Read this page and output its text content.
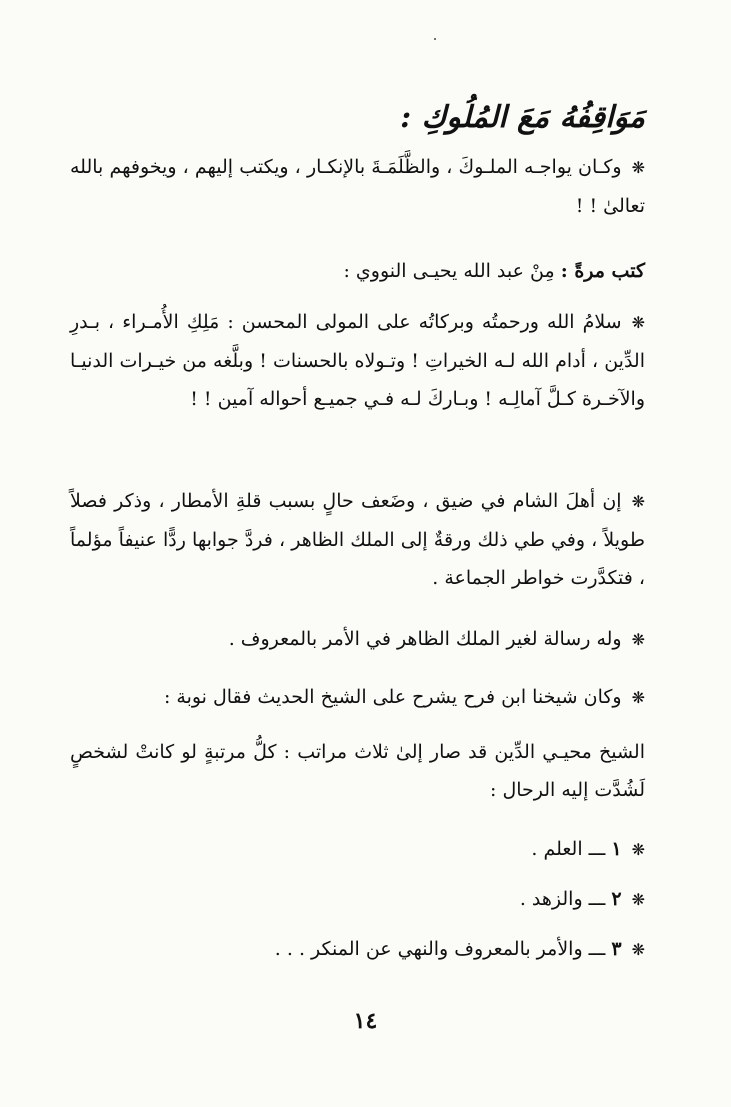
مَوَاقِفُهُ مَعَ المُلُوكِ :

❋وكـان يواجـه الملـوكَ ، والظَّلَمَـةَ بالإنكـار ، ويكتب إليهم ، ويخوفهم بالله تعالىٰ ! !

كتب مرةً : مِنْ عبد الله يحيـى النووي :

❋سلامُ الله ورحمتُه وبركاتُه على المولى المحسن : مَلِكِ الأُمـراء ، بـدرِ الدِّين ، أدام الله لـه الخيراتِ ! وتـولاه بالحسنات ! وبلَّغه من خيـرات الدنيـا والآخـرة كـلَّ آمالِـه ! وبـاركَ لـه فـي جميـع أحواله آمين ! !

❋إن أهلَ الشام في ضيق ، وضَعف حالٍ بسبب قلةِ الأمطار ، وذكر فصلاً طويلاً ، وفي طي ذلك ورقةٌ إلى الملك الظاهر ، فردَّ جوابها ردًّا عنيفاً مؤلماً ، فتكدَّرت خواطر الجماعة .

❋وله رسالة لغير الملك الظاهر في الأمر بالمعروف .

❋وكان شيخنا ابن فرح يشرح على الشيخ الحديث فقال نوبة :

الشيخ محيـي الدِّين قد صار إلىٰ ثلاث مراتب : كلُّ مرتبةٍ لو كانتْ لشخصٍ لَشُدَّت إليه الرحال :

❋١ـــ العلم .

❋٢ـــ والزهد .

❋٣ـــ والأمر بالمعروف والنهي عن المنكر . . .

١٤
